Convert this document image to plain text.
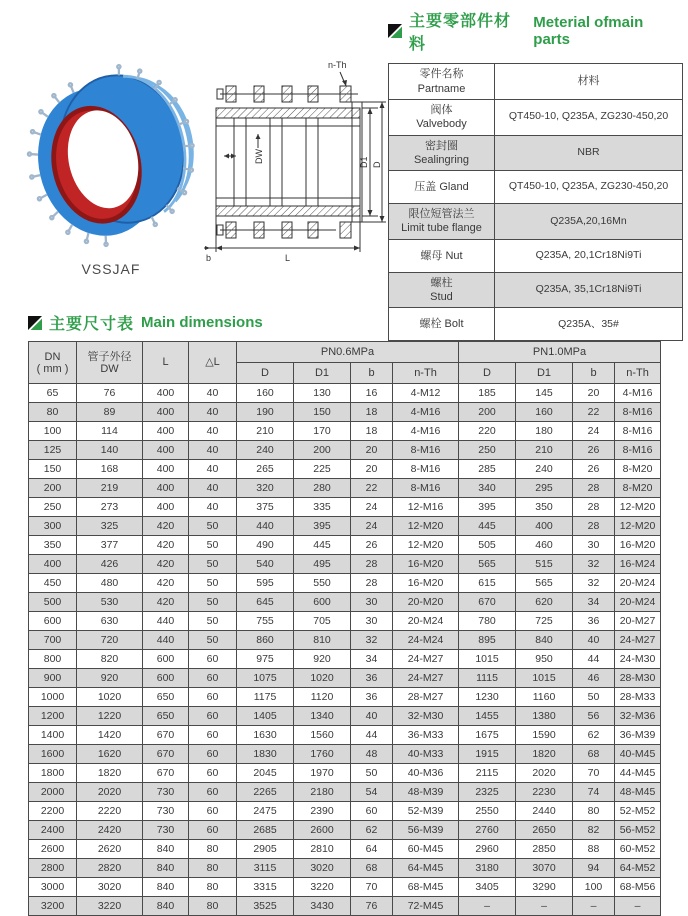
VSSJAF
n-Th
DW	D1 D
b	L
主要零部件材料
Meterial ofmain parts
零件名称
Partname	材料

阀体
Valvebody	QT450-10, Q235A, ZG230-450,20

密封圈
Sealingring	NBR

压盖 Gland	QT450-10, Q235A, ZG230-450,20

限位短管法兰
Limit tube flange	Q235A,20,16Mn

螺母 Nut	Q235A, 20,1Cr18Ni9Ti

螺柱
Stud	Q235A, 35,1Cr18Ni9Ti

螺栓 Bolt	Q235A、35#
主要尺寸表 Main dimensions
DN
( mm )

管子外径
DW
	L	△L	PN0.6MPa	PN1.0MPa
				D	D1	b	n-Th	D	D1	b	n-Th
65	76	400	40	160	130	16	4-M12	185	145	20	4-M16
80	89	400	40	190	150	18	4-M16	200	160	22	8-M16
100	114	400	40	210	170	18	4-M16	220	180	24	8-M16
125	140	400	40	240	200	20	8-M16	250	210	26	8-M16
150	168	400	40	265	225	20	8-M16	285	240	26	8-M20
200	219	400	40	320	280	22	8-M16	340	295	28	8-M20
250	273	400	40	375	335	24	12-M16	395	350	28	12-M20
300	325	420	50	440	395	24	12-M20	445	400	28	12-M20
350	377	420	50	490	445	26	12-M20	505	460	30	16-M20
400	426	420	50	540	495	28	16-M20	565	515	32	16-M24
450	480	420	50	595	550	28	16-M20	615	565	32	20-M24
500	530	420	50	645	600	30	20-M20	670	620	34	20-M24
600	630	440	50	755	705	30	20-M24	780	725	36	20-M27
700	720	440	50	860	810	32	24-M24	895	840	40	24-M27
800	820	600	60	975	920	34	24-M27	1015	950	44	24-M30
900	920	600	60	1075	1020	36	24-M27	1115	1015	46	28-M30
1000	1020	650	60	1175	1120	36	28-M27	1230	1160	50	28-M33
1200	1220	650	60	1405	1340	40	32-M30	1455	1380	56	32-M36
1400	1420	670	60	1630	1560	44	36-M33	1675	1590	62	36-M39
1600	1620	670	60	1830	1760	48	40-M33	1915	1820	68	40-M45
1800	1820	670	60	2045	1970	50	40-M36	2115	2020	70	44-M45
2000	2020	730	60	2265	2180	54	48-M39	2325	2230	74	48-M45
2200	2220	730	60	2475	2390	60	52-M39	2550	2440	80	52-M52
2400	2420	730	60	2685	2600	62	56-M39	2760	2650	82	56-M52
2600	2620	840	80	2905	2810	64	60-M45	2960	2850	88	60-M52
2800	2820	840	80	3115	3020	68	64-M45	3180	3070	94	64-M52
3000	3020	840	80	3315	3220	70	68-M45	3405	3290	100	68-M56
3200	3220	840	80	3525	3430	76	72-M45	–	–	–	–
